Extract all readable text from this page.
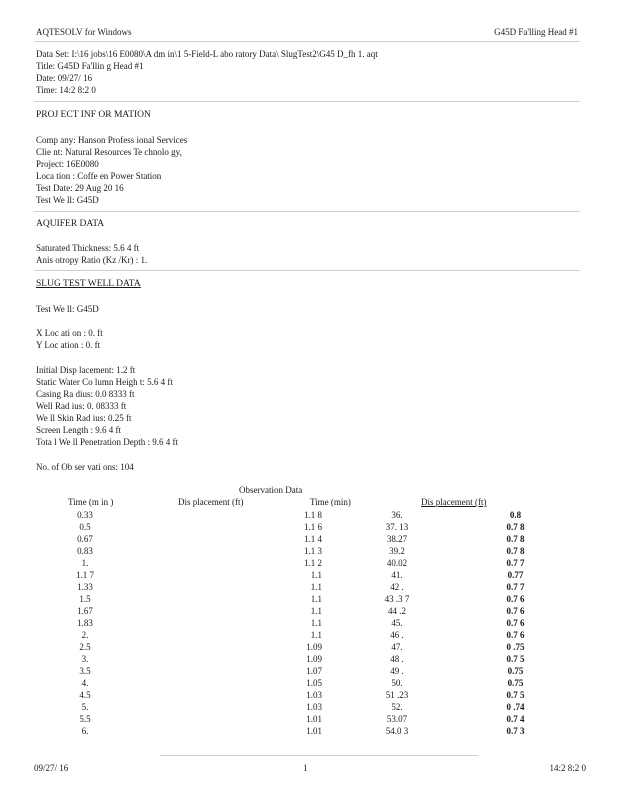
AQTESOLV for Windows	G45D Fa'lling Head #1
Data Set: I:\16 jobs\16 E0080\A dm in\1 5-Field-L abo ratory Data\ SlugTest2\G45 D_fh 1. aqt
Title: G45D Fa'llin g Head #1
Date: 09/27/ 16
Time: 14:2 8:2 0
PROJ ECT INF OR MATION
Comp any: Hanson Profess ional Services
Clie nt: Natural Resources Te chnolo gy,
Project: 16E0080
Loca tion : Coffe en Power Station
Test Date: 29 Aug 20 16
Test We ll: G45D
AQUIFER DATA
Saturated Thickness: 5.6 4 ft
Anis otropy Ratio (Kz /Kr) : 1.
SLUG TEST WELL DATA
Test We ll: G45D
X Loc ati on : 0. ft
Y Loc ation : 0. ft
Initial Disp lacement: 1.2 ft
Static Water Co lumn Heigh t: 5.6 4 ft
Casing Ra dius: 0.0 8333 ft
Well Rad ius: 0. 08333 ft
We ll Skin Rad ius: 0.25 ft
Screen Length : 9.6 4 ft
Tota l We ll Penetration Depth : 9.6 4 ft
No. of Ob ser vati ons: 104
Observation Data
Time (m in )	Dis placement (ft)	Time (min)	Dis placement (ft)
0.33	1.1 8	36.	0.8
0.5	1.1 6	37. 13	0.7 8
0.67	1.1 4	38.27	0.7 8
0.83	1.1 3	39.2	0.7 8
1.	1.1 2	40.02	0.7 7
1.1 7	1.1	41.	0.77
1.33	1.1	42 .	0.7 7
1.5	1.1	43 .3 7	0.7 6
1.67	1.1	44 .2	0.7 6
1.83	1.1	45.	0.7 6
2.	1.1	46 .	0.7 6
2.5	1.09	47.	0 .75
3.	1.09	48 .	0.7 5
3.5	1.07	49 .	0.75
4.	1.05	50.	0.75
4.5	1.03	51 .23	0.7 5
5.	1.03	52.	0 .74
5.5	1.01	53.07	0.7 4
6.	1.01	54.0 3	0.7 3
09/27/ 16	1	14:2 8:2 0
